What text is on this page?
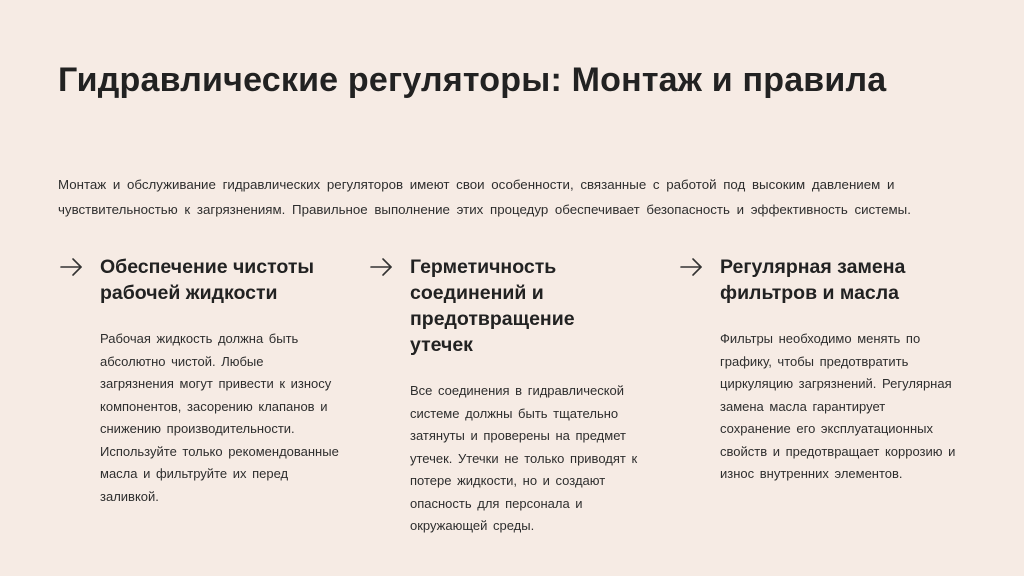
Гидравлические регуляторы: Монтаж и правила

Монтаж и обслуживание гидравлических регуляторов имеют свои особенности, связанные с работой под высоким давлением и чувствительностью к загрязнениям. Правильное выполнение этих процедур обеспечивает безопасность и эффективность системы.

Обеспечение чистоты рабочей жидкости

Рабочая жидкость должна быть абсолютно чистой. Любые загрязнения могут привести к износу компонентов, засорению клапанов и снижению производительности. Используйте только рекомендованные масла и фильтруйте их перед заливкой.

Герметичность соединений и предотвращение утечек

Все соединения в гидравлической системе должны быть тщательно затянуты и проверены на предмет утечек. Утечки не только приводят к потере жидкости, но и создают опасность для персонала и окружающей среды.

Регулярная замена фильтров и масла

Фильтры необходимо менять по графику, чтобы предотвратить циркуляцию загрязнений. Регулярная замена масла гарантирует сохранение его эксплуатационных свойств и предотвращает коррозию и износ внутренних элементов.
